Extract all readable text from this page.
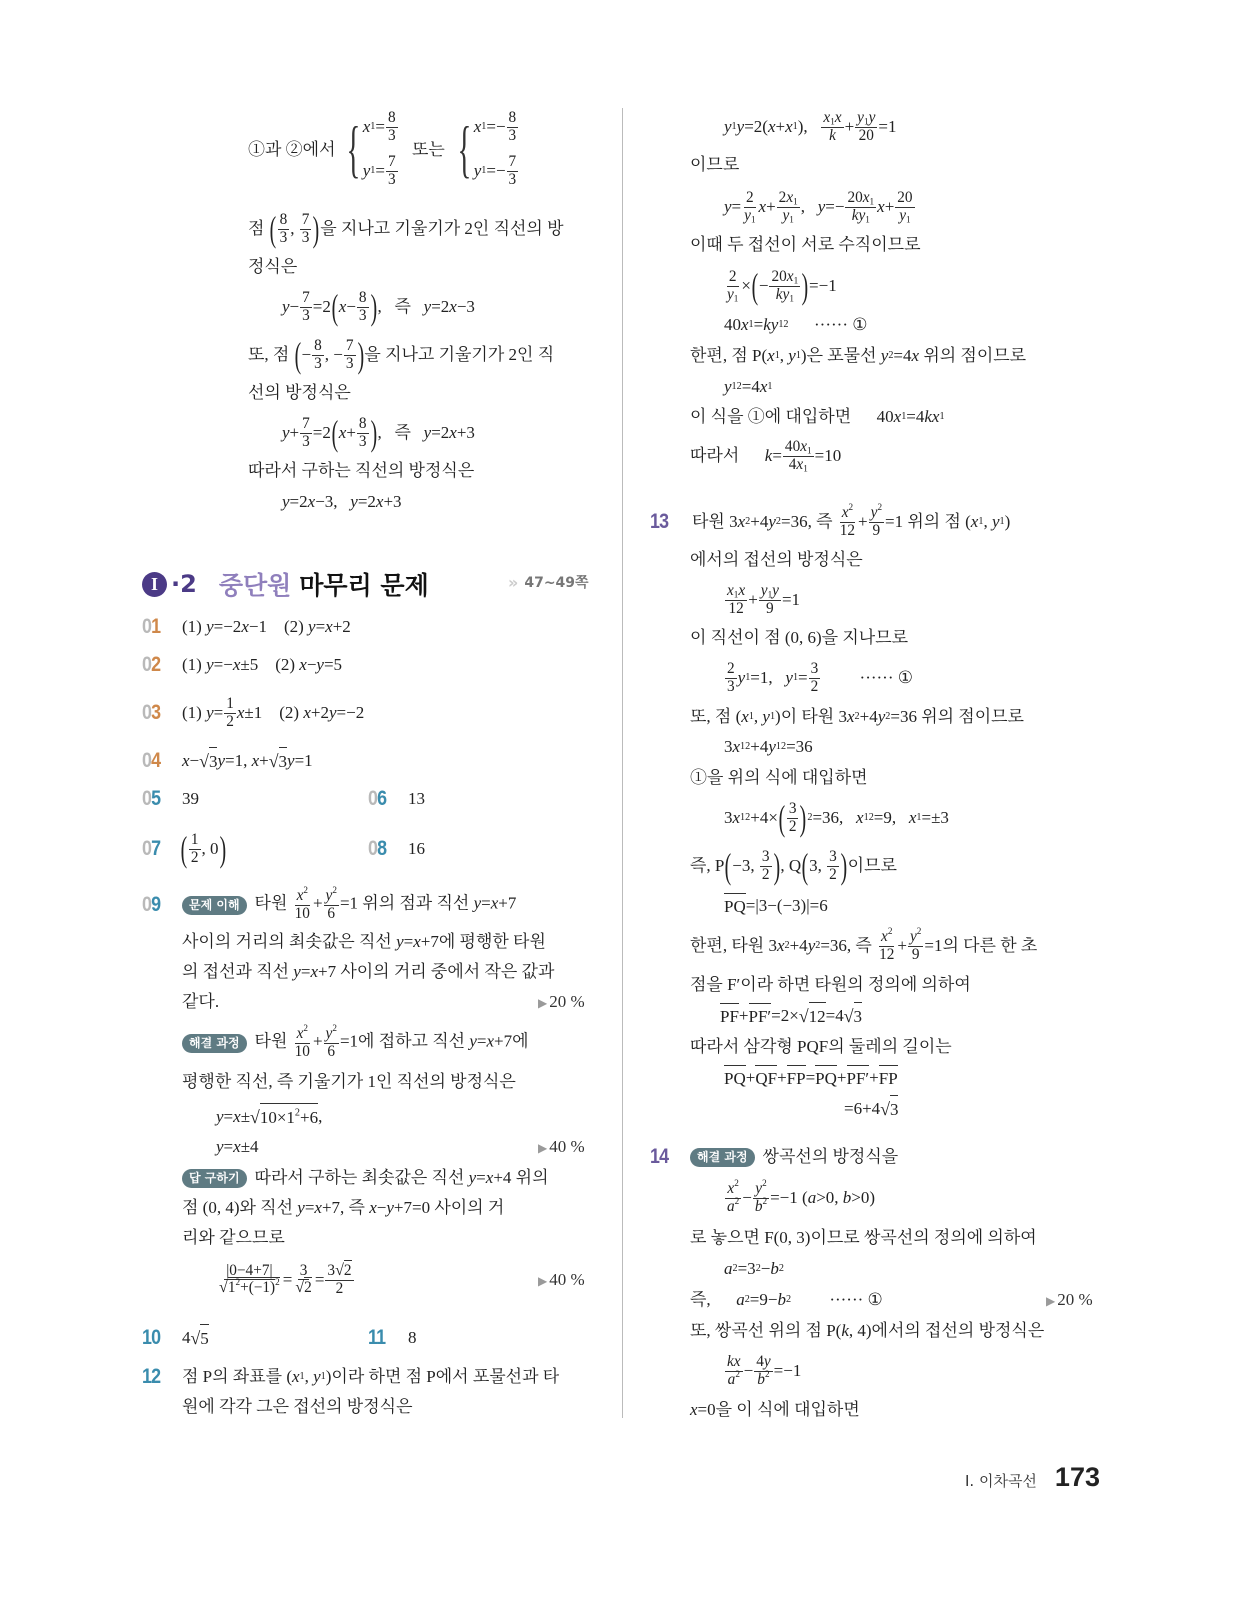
①과 ②에서 { x $1 = \frac{8}{3}$
y $1 = \frac{7}{3}$
또는 { x $1 =- \frac{8}{3}$
y $1 =- \frac{7}{3}$
점 ( $\frac{8}{3}$ , $\frac{7}{3}$ ) 을 지나고 기울기가 2인 직선의 방
정식은
$y - \frac{7}{3} =2$ ( $x - \frac{8}{3}$ ) ,   즉 y =2 x −3
또, 점 ( − $\frac{8}{3}$ , − $\frac{7}{3}$ ) 을 지나고 기울기가 2인 직
선의 방정식은
$y + \frac{7}{3} =2$ ( $x + \frac{8}{3}$ ) ,   즉 y =2 x +3
따라서 구하는 직선의 방정식은
y =2 x −3, y =2 x +3
I ·2 중단원 마무리 문제	» 47~49쪽
01 (1) y =−2 x −1    (2) y = x +2
02 (1) y =− x ±5    (2) x − y =5
03 (1) $y = \frac{1}{2}$ x ±1    (2) x +2 y =−2
04 x − √ 3 y =1, x + √ 3 y =1
05 39	06 13
07 ( $\frac{1}{2}$ , 0 )	08 16
09	문제 이해 타원 $\frac{x^2}{10} + \frac{y^2}{6} =1$ 위의 점과 직선 y=x+7
사이의 거리의 최솟값은 직선 y = x +7에 평행한 타원
의 접선과 직선 y = x +7 사이의 거리 중에서 작은 값과
같다.	▶ 20 %
해결 과정 타원 $\frac{x^2}{10} + \frac{y^2}{6} =1$에 접하고 직선 y=x+7에
평행한 직선, 즉 기울기가 1인 직선의 방정식은
y = x ± √ $10\times 1^2+6$ ,
y = x ±4	▶ 40 %
답 구하기 따라서 구하는 최솟값은 직선 y=x+4 위의
점 (0, 4)와 직선 y = x +7, 즉 x − y +7=0 사이의 거
리와 같으므로
$\frac{|0-4+7|}{√1^2+(-1)^2} = \frac{3}{√2} = \frac{3√2}{2}$	▶ 40 %
10 4 √ 5	11 8
12 점 P의 좌표를 ( x 1 , y 1 )이라 하면 점 P에서 포물선과 타
원에 각각 그은 접선의 방정식은
y 1 y =2( x + x 1 ), $\frac{x_1x}{k} + \frac{y_1y}{20} =1$
이므로
$y = \frac{2}{y_1}$ $x + \frac{2x_1}{y_1}$ , $y =- \frac{20x_1}{ky_1}$ $x + \frac{20}{y_1}$
이때 두 접선이 서로 수직이므로
$\frac{2}{y_1}$ × ( − $\frac{20x_1}{ky_1}$ ) =−1
40 x 1 = k y 1 2 ······ ①
한편, 점 P( x 1 , y 1 )은 포물선 y 2 =4 x 위의 점이므로
y 1 2 =4 x 1
이 식을 ①에 대입하면      40 x 1 =4 k x 1
따라서 $k = \frac{40x_1}{4x_1} =10$
13 타원 3 x 2 +4 y 2 =36, 즉 $\frac{x^2}{12} + \frac{y^2}{9} =1$ 위의 점 ( x 1 , y 1 )
에서의 접선의 방정식은
$\frac{x_1x}{12} + \frac{y_1y}{9} =1$
이 직선이 점 (0, 6)을 지나므로
$\frac{2}{3}$ y 1 =1, y $1 = \frac{3}{2}$ ······ ①
또, 점 ( x 1 , y 1 )이 타원 3 x 2 +4 y 2 =36 위의 점이므로
3 x 1 2 +4 y 1 2 =36
①을 위의 식에 대입하면
3 x 1 2 +4× ( $\frac{3}{2}$ ) 2 =36, x 1 2 =9, x 1 =±3
즉, P ( −3, $\frac{3}{2}$ ) , Q ( 3, $\frac{3}{2}$ ) 이므로
PQ =|3−(−3)|=6
한편, 타원 3 x 2 +4 y 2 =36, 즉 $\frac{x^2}{12} + \frac{y^2}{9} =1$의 다른 한 초
점을 F′이라 하면 타원의 정의에 의하여
PF + PF′ =2× √ 12 =4 √ 3
따라서 삼각형 PQF의 둘레의 길이는
PQ + QF + FP = PQ + PF′ + FP
=6+4 √ 3
14	해결 과정 쌍곡선의 방정식을
$\frac{x^2}{a^2} - \frac{y^2}{b^2} =-1$ ( a >0, b >0)
로 놓으면 F(0, 3)이므로 쌍곡선의 정의에 의하여
a 2 =3 2 − b 2
즉, a 2 =9− b 2 ······ ①	▶ 20 %
또, 쌍곡선 위의 점 P( k , 4)에서의 접선의 방정식은
$\frac{kx}{a^2} - \frac{4y}{b^2} =-1$
x =0을 이 식에 대입하면
I. 이차곡선 173
